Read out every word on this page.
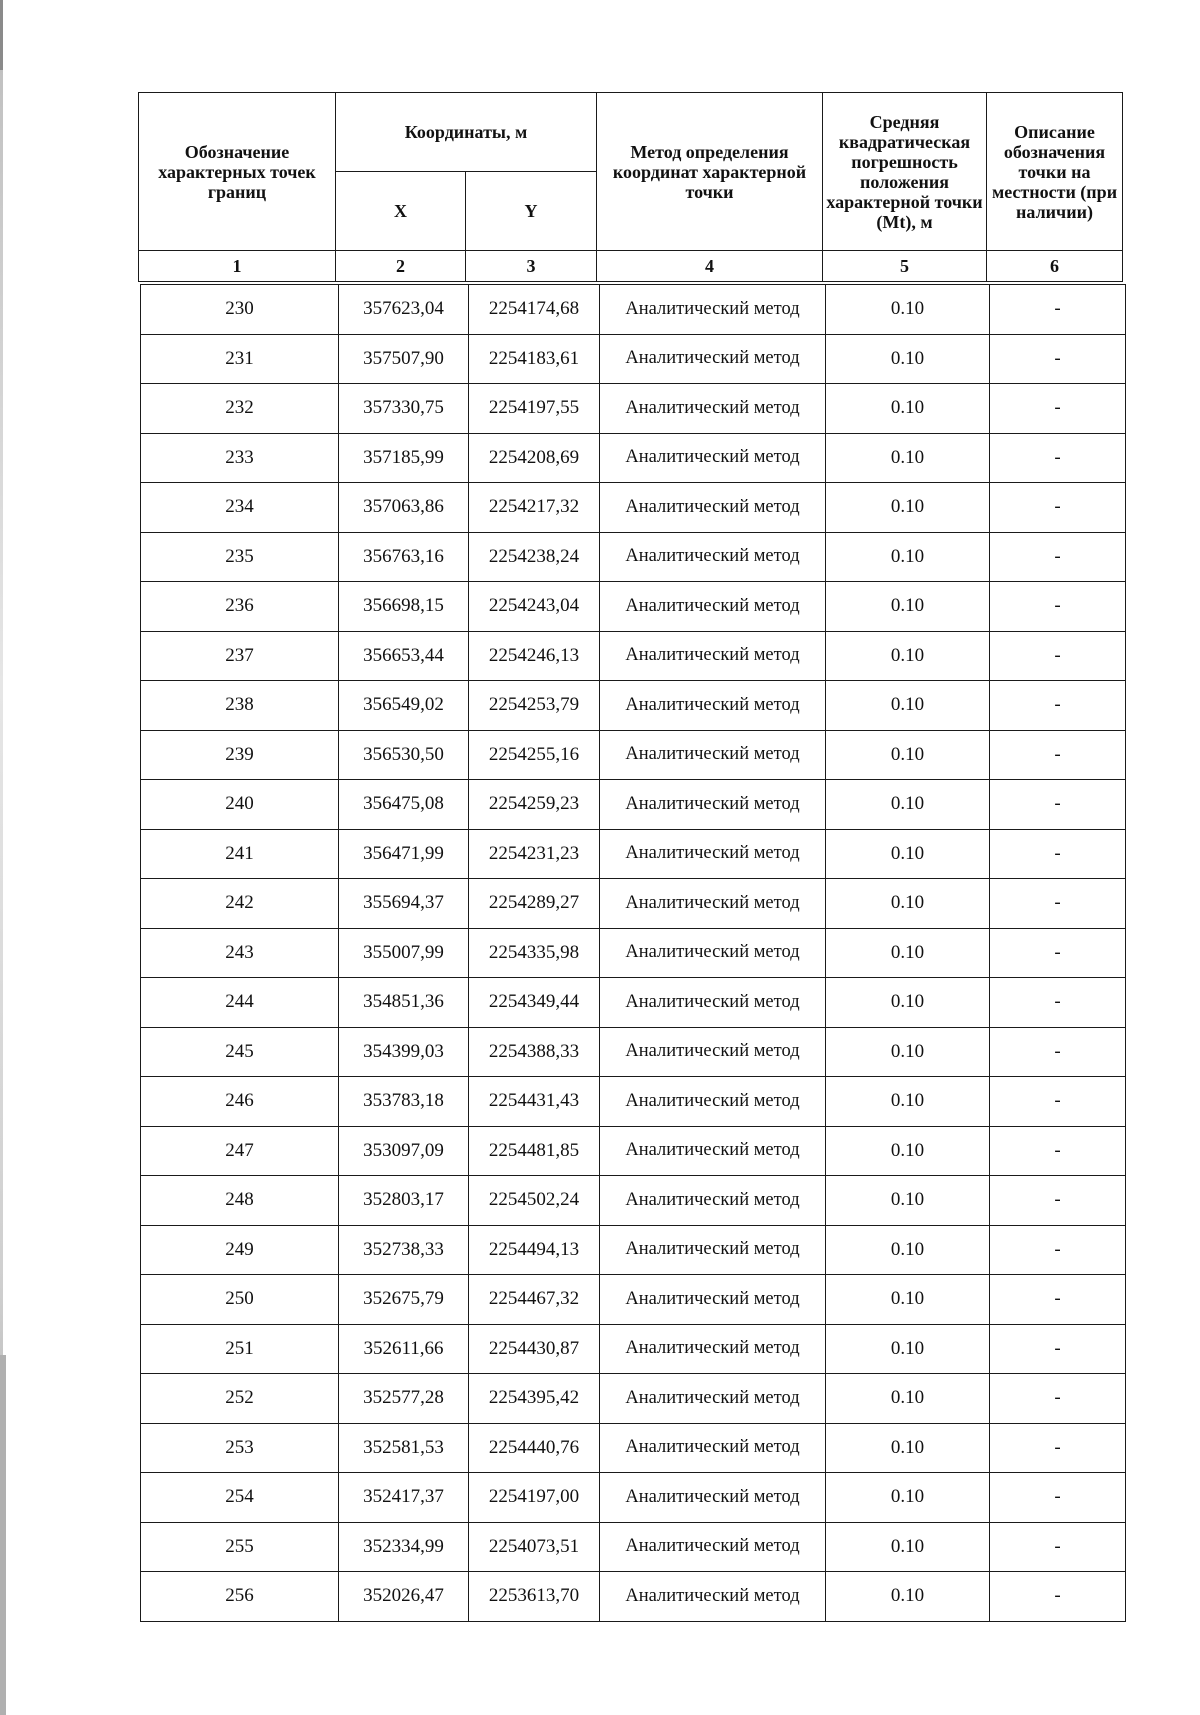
Обозначение характерных точек границ	Координаты, м		Метод определения координат характерной точки	Средняя квадратическая погрешность положения характерной точки (Mt), м	Описание обозначения точки на местности (при наличии)
	X	Y			
1	2	3	4	5	6
230	357623,04	2254174,68	Аналитический метод	0.10	-
231	357507,90	2254183,61	Аналитический метод	0.10	-
232	357330,75	2254197,55	Аналитический метод	0.10	-
233	357185,99	2254208,69	Аналитический метод	0.10	-
234	357063,86	2254217,32	Аналитический метод	0.10	-
235	356763,16	2254238,24	Аналитический метод	0.10	-
236	356698,15	2254243,04	Аналитический метод	0.10	-
237	356653,44	2254246,13	Аналитический метод	0.10	-
238	356549,02	2254253,79	Аналитический метод	0.10	-
239	356530,50	2254255,16	Аналитический метод	0.10	-
240	356475,08	2254259,23	Аналитический метод	0.10	-
241	356471,99	2254231,23	Аналитический метод	0.10	-
242	355694,37	2254289,27	Аналитический метод	0.10	-
243	355007,99	2254335,98	Аналитический метод	0.10	-
244	354851,36	2254349,44	Аналитический метод	0.10	-
245	354399,03	2254388,33	Аналитический метод	0.10	-
246	353783,18	2254431,43	Аналитический метод	0.10	-
247	353097,09	2254481,85	Аналитический метод	0.10	-
248	352803,17	2254502,24	Аналитический метод	0.10	-
249	352738,33	2254494,13	Аналитический метод	0.10	-
250	352675,79	2254467,32	Аналитический метод	0.10	-
251	352611,66	2254430,87	Аналитический метод	0.10	-
252	352577,28	2254395,42	Аналитический метод	0.10	-
253	352581,53	2254440,76	Аналитический метод	0.10	-
254	352417,37	2254197,00	Аналитический метод	0.10	-
255	352334,99	2254073,51	Аналитический метод	0.10	-
256	352026,47	2253613,70	Аналитический метод	0.10	-
